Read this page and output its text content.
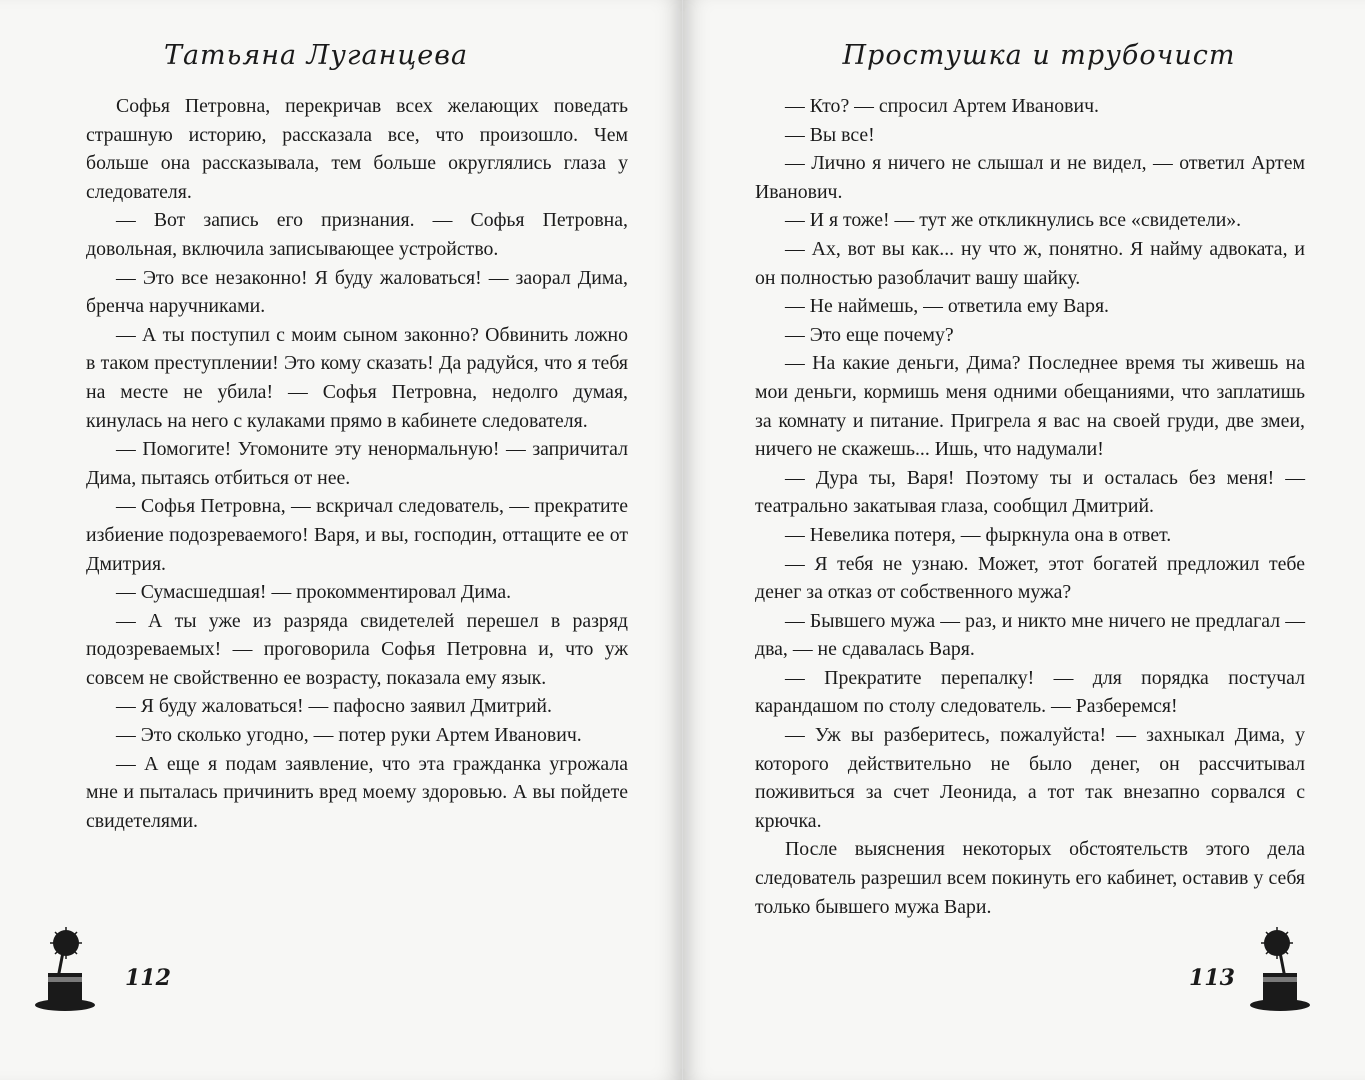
Татьяна Луганцева

Софья Петровна, перекричав всех желающих поведать страшную историю, рассказала все, что произошло. Чем больше она рассказывала, тем больше округлялись глаза у следователя.

— Вот запись его признания. — Софья Петровна, довольная, включила записывающее устройство.

— Это все незаконно! Я буду жаловаться! — заорал Дима, бренча наручниками.

— А ты поступил с моим сыном законно? Обвинить ложно в таком преступлении! Это кому сказать! Да радуйся, что я тебя на месте не убила! — Софья Петровна, недолго думая, кинулась на него с кулаками прямо в кабинете следователя.

— Помогите! Угомоните эту ненормальную! — запричитал Дима, пытаясь отбиться от нее.

— Софья Петровна, — вскричал следователь, — прекратите избиение подозреваемого! Варя, и вы, господин, оттащите ее от Дмитрия.

— Сумасшедшая! — прокомментировал Дима.

— А ты уже из разряда свидетелей перешел в разряд подозреваемых! — проговорила Софья Петровна и, что уж совсем не свойственно ее возрасту, показала ему язык.

— Я буду жаловаться! — пафосно заявил Дмитрий.

— Это сколько угодно, — потер руки Артем Иванович.

— А еще я подам заявление, что эта гражданка угрожала мне и пыталась причинить вред моему здоровью. А вы пойдете свидетелями.

112
Простушка и трубочист

— Кто? — спросил Артем Иванович.

— Вы все!

— Лично я ничего не слышал и не видел, — ответил Артем Иванович.

— И я тоже! — тут же откликнулись все «свидетели».

— Ах, вот вы как... ну что ж, понятно. Я найму адвоката, и он полностью разоблачит вашу шайку.

— Не наймешь, — ответила ему Варя.

— Это еще почему?

— На какие деньги, Дима? Последнее время ты живешь на мои деньги, кормишь меня одними обещаниями, что заплатишь за комнату и питание. Пригрела я вас на своей груди, две змеи, ничего не скажешь... Ишь, что надумали!

— Дура ты, Варя! Поэтому ты и осталась без меня! — театрально закатывая глаза, сообщил Дмитрий.

— Невелика потеря, — фыркнула она в ответ.

— Я тебя не узнаю. Может, этот богатей предложил тебе денег за отказ от собственного мужа?

— Бывшего мужа — раз, и никто мне ничего не предлагал — два, — не сдавалась Варя.

— Прекратите перепалку! — для порядка постучал карандашом по столу следователь. — Разберемся!

— Уж вы разберитесь, пожалуйста! — захныкал Дима, у которого действительно не было денег, он рассчитывал поживиться за счет Леонида, а тот так внезапно сорвался с крючка.

После выяснения некоторых обстоятельств этого дела следователь разрешил всем покинуть его кабинет, оставив у себя только бывшего мужа Вари.

113
